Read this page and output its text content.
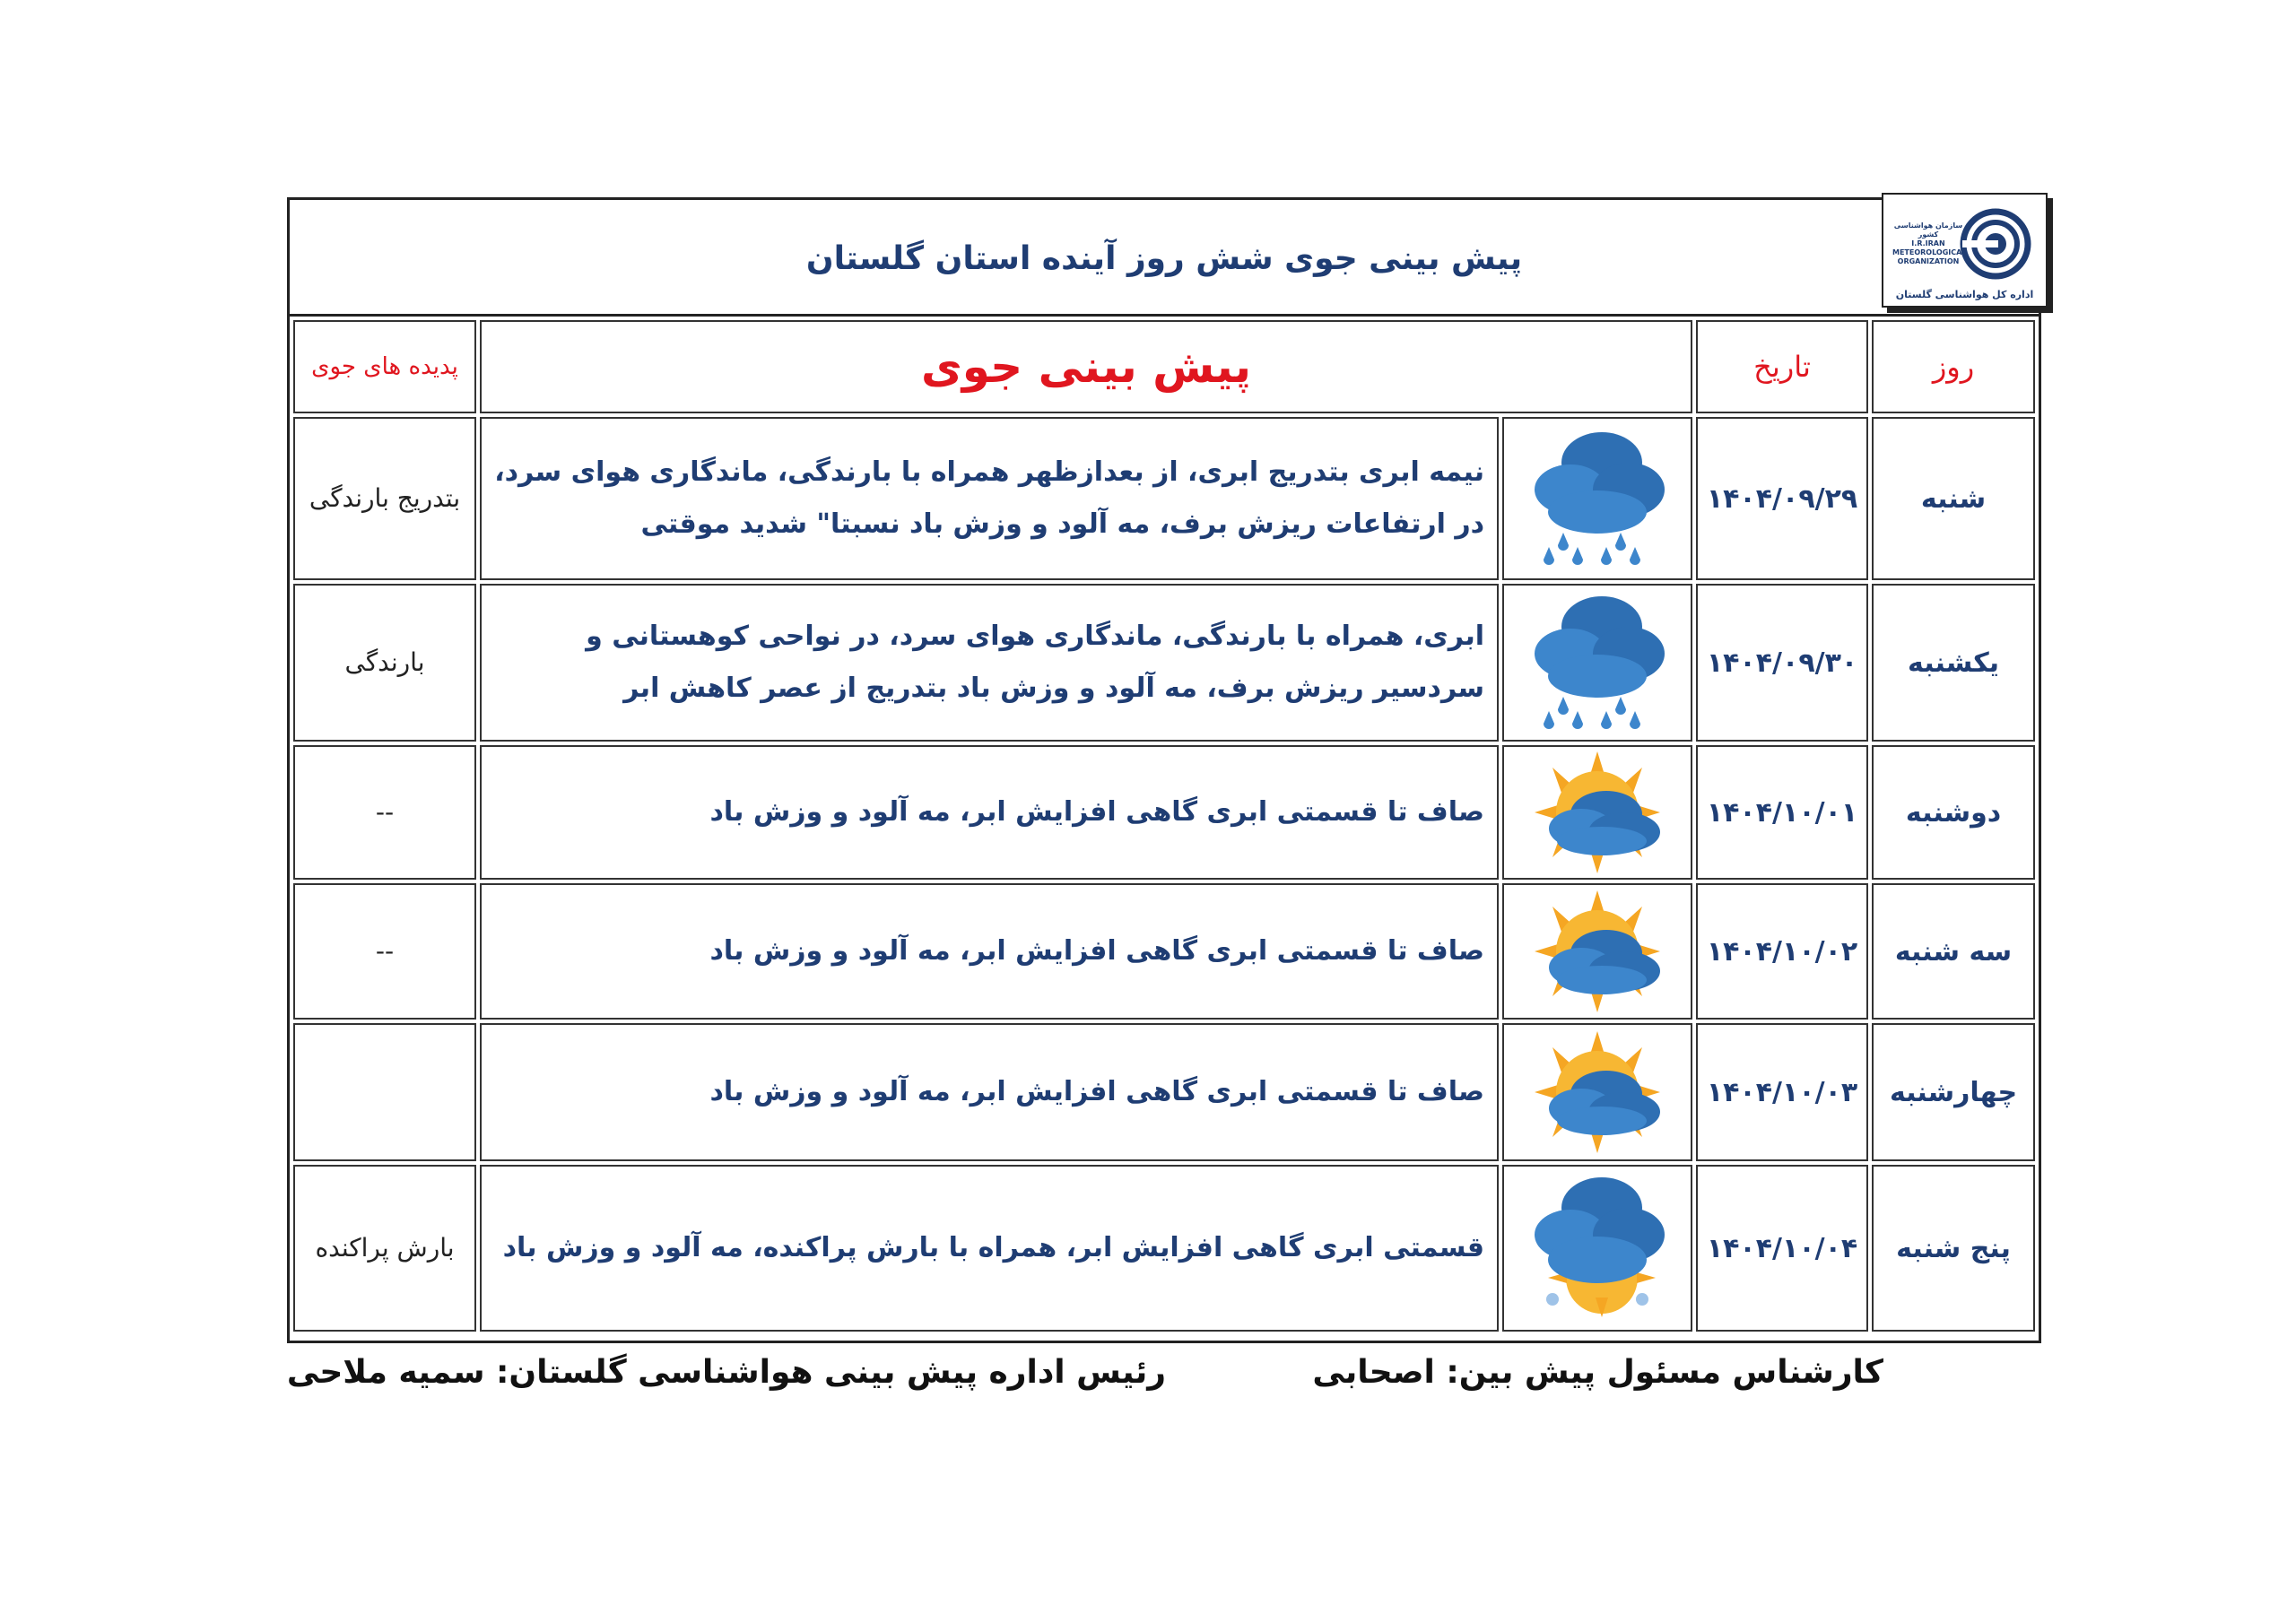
پیش بینی جوی شش روز آینده استان گلستان
سازمان هواشناسی کشور
I.R.IRAN METEOROLOGICAL ORGANIZATION
اداره کل هواشناسی گلستان
روز	تاریخ	پیش بینی جوی		پدیده های جوی
شنبه	۱۴۰۴/۰۹/۲۹		نیمه ابری بتدریج ابری، از بعدازظهر همراه با بارندگی، ماندگاری هوای سرد، در ارتفاعات ریزش برف، مه آلود و وزش باد نسبتا" شدید موقتی	بتدریج بارندگی
یکشنبه	۱۴۰۴/۰۹/۳۰		ابری، همراه با بارندگی، ماندگاری هوای سرد، در نواحی کوهستانی و سردسیر ریزش برف، مه آلود و وزش باد بتدریج از عصر کاهش ابر	بارندگی
دوشنبه	۱۴۰۴/۱۰/۰۱		صاف تا قسمتی ابری گاهی افزایش ابر، مه آلود و وزش باد	--
سه شنبه	۱۴۰۴/۱۰/۰۲		صاف تا قسمتی ابری گاهی افزایش ابر، مه آلود و وزش باد	--
چهارشنبه	۱۴۰۴/۱۰/۰۳		صاف تا قسمتی ابری گاهی افزایش ابر، مه آلود و وزش باد	
پنج شنبه	۱۴۰۴/۱۰/۰۴		قسمتی ابری گاهی افزایش ابر، همراه با بارش پراکنده، مه آلود و وزش باد	بارش پراکنده
کارشناس مسئول پیش بین: اصحابی
رئیس اداره پیش بینی هواشناسی گلستان: سمیه ملاحی
